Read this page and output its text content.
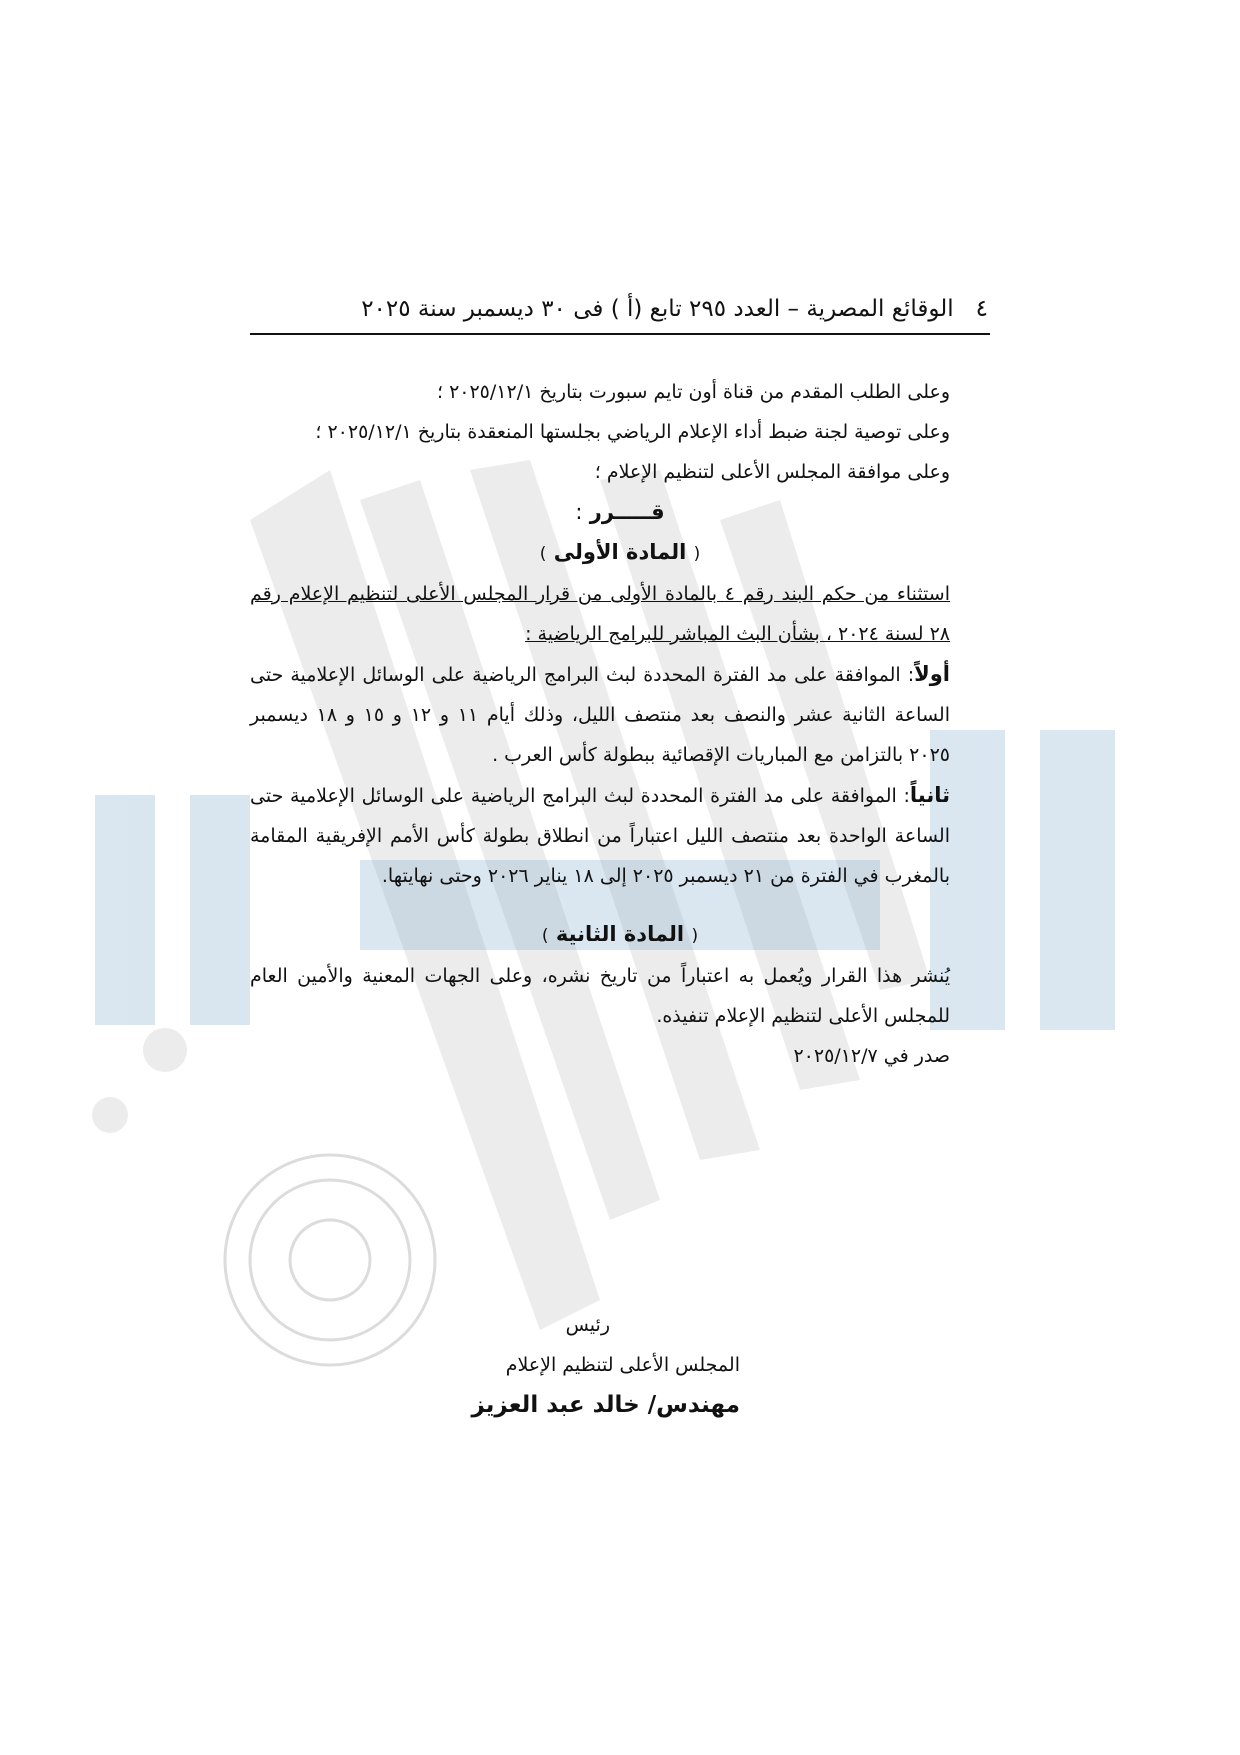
٤
الوقائع المصرية – العدد ٢٩٥ تابع (أ ) فى ٣٠ ديسمبر سنة ٢٠٢٥

وعلى الطلب المقدم من قناة أون تايم سبورت بتاريخ ٢٠٢٥/١٢/١ ؛

وعلى توصية لجنة ضبط أداء الإعلام الرياضي بجلستها المنعقدة بتاريخ ٢٠٢٥/١٢/١ ؛

وعلى موافقة المجلس الأعلى لتنظيم الإعلام ؛

قـــــرر :

( المادة الأولى )

استثناء من حكم البند رقم ٤ بالمادة الأولى من قرار المجلس الأعلى لتنظيم الإعلام رقم ٢٨ لسنة ٢٠٢٤ ، بشأن البث المباشر للبرامج الرياضية :

أولاً: الموافقة على مد الفترة المحددة لبث البرامج الرياضية على الوسائل الإعلامية حتى الساعة الثانية عشر والنصف بعد منتصف الليل، وذلك أيام ١١ و ١٢ و ١٥ و ١٨ ديسمبر ٢٠٢٥ بالتزامن مع المباريات الإقصائية ببطولة كأس العرب .

ثانياً: الموافقة على مد الفترة المحددة لبث البرامج الرياضية على الوسائل الإعلامية حتى الساعة الواحدة بعد منتصف الليل اعتباراً من انطلاق بطولة كأس الأمم الإفريقية المقامة بالمغرب في الفترة من ٢١ ديسمبر ٢٠٢٥ إلى ١٨ يناير ٢٠٢٦ وحتى نهايتها.

( المادة الثانية )

يُنشر هذا القرار ويُعمل به اعتباراً من تاريخ نشره، وعلى الجهات المعنية والأمين العام للمجلس الأعلى لتنظيم الإعلام تنفيذه.

صدر في ٢٠٢٥/١٢/٧

رئيس

المجلس الأعلى لتنظيم الإعلام

مهندس/ خالد عبد العزيز
